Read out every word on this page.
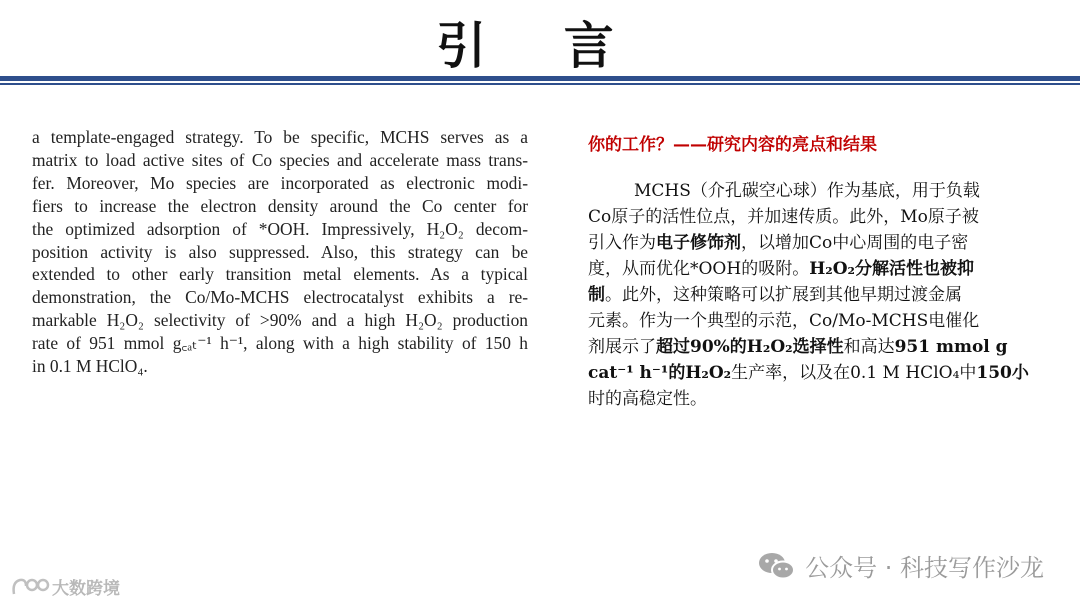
引 言
a template-engaged strategy. To be specific, MCHS serves as a
matrix to load active sites of Co species and accelerate mass trans-
fer. Moreover, Mo species are incorporated as electronic modi-
fiers to increase the electron density around the Co center for
the optimized adsorption of *OOH. Impressively, H₂O₂ decom-
position activity is also suppressed. Also, this strategy can be
extended to other early transition metal elements. As a typical
demonstration, the Co/Mo-MCHS electrocatalyst exhibits a re-
markable H₂O₂ selectivity of >90% and a high H₂O₂ production
rate of 951 mmol g꜀ₐₜ⁻¹ h⁻¹, along with a high stability of 150 h
in 0.1 M HClO₄.
你的工作？——研究内容的亮点和结果
MCHS（介孔碳空心球）作为基底，用于负载
Co原子的活性位点，并加速传质。此外，Mo原子被
引入作为电子修饰剂，以增加Co中心周围的电子密
度，从而优化*OOH的吸附。H₂O₂分解活性也被抑
制。此外，这种策略可以扩展到其他早期过渡金属
元素。作为一个典型的示范，Co/Mo-MCHS电催化
剂展示了超过90%的H₂O₂选择性和高达951 mmol g
cat⁻¹ h⁻¹的H₂O₂生产率，以及在0.1 M HClO₄中150小
时的高稳定性。
公众号 · 科技写作沙龙
大数跨境
